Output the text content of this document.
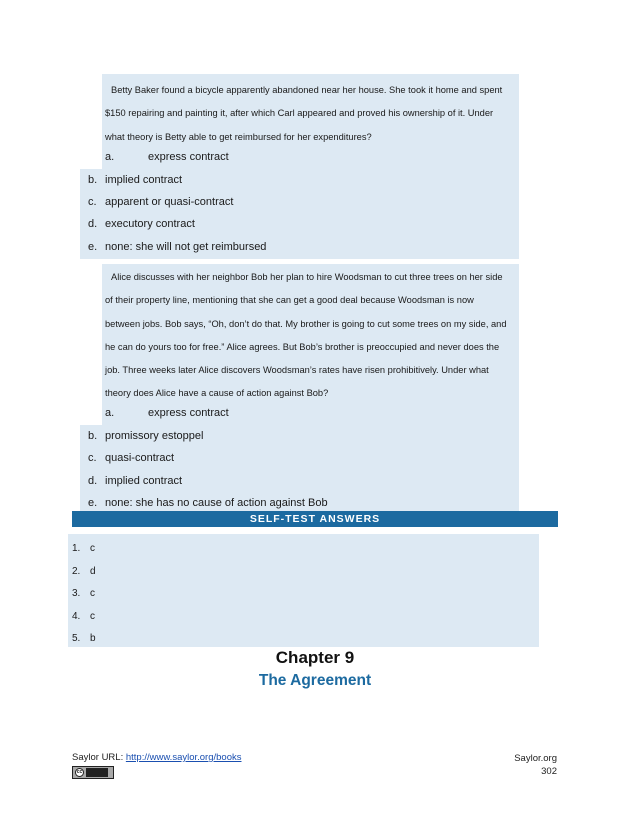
Betty Baker found a bicycle apparently abandoned near her house. She took it home and spent
$150 repairing and painting it, after which Carl appeared and proved his ownership of it. Under
what theory is Betty able to get reimbursed for her expenditures?
a.	express contract
b. implied contract
c. apparent or quasi-contract
d. executory contract
e. none: she will not get reimbursed
Alice discusses with her neighbor Bob her plan to hire Woodsman to cut three trees on her side
of their property line, mentioning that she can get a good deal because Woodsman is now
between jobs. Bob says, “Oh, don’t do that. My brother is going to cut some trees on my side, and
he can do yours too for free.” Alice agrees. But Bob’s brother is preoccupied and never does the
job. Three weeks later Alice discovers Woodsman’s rates have risen prohibitively. Under what
theory does Alice have a cause of action against Bob?
a.	express contract
b. promissory estoppel
c. quasi-contract
d. implied contract
e. none: she has no cause of action against Bob
SELF-TEST ANSWERS
1. c
2. d
3. c
4. c
5. b
Chapter 9
The Agreement
Saylor URL: http://www.saylor.org/books
cc
Saylor.org
302
